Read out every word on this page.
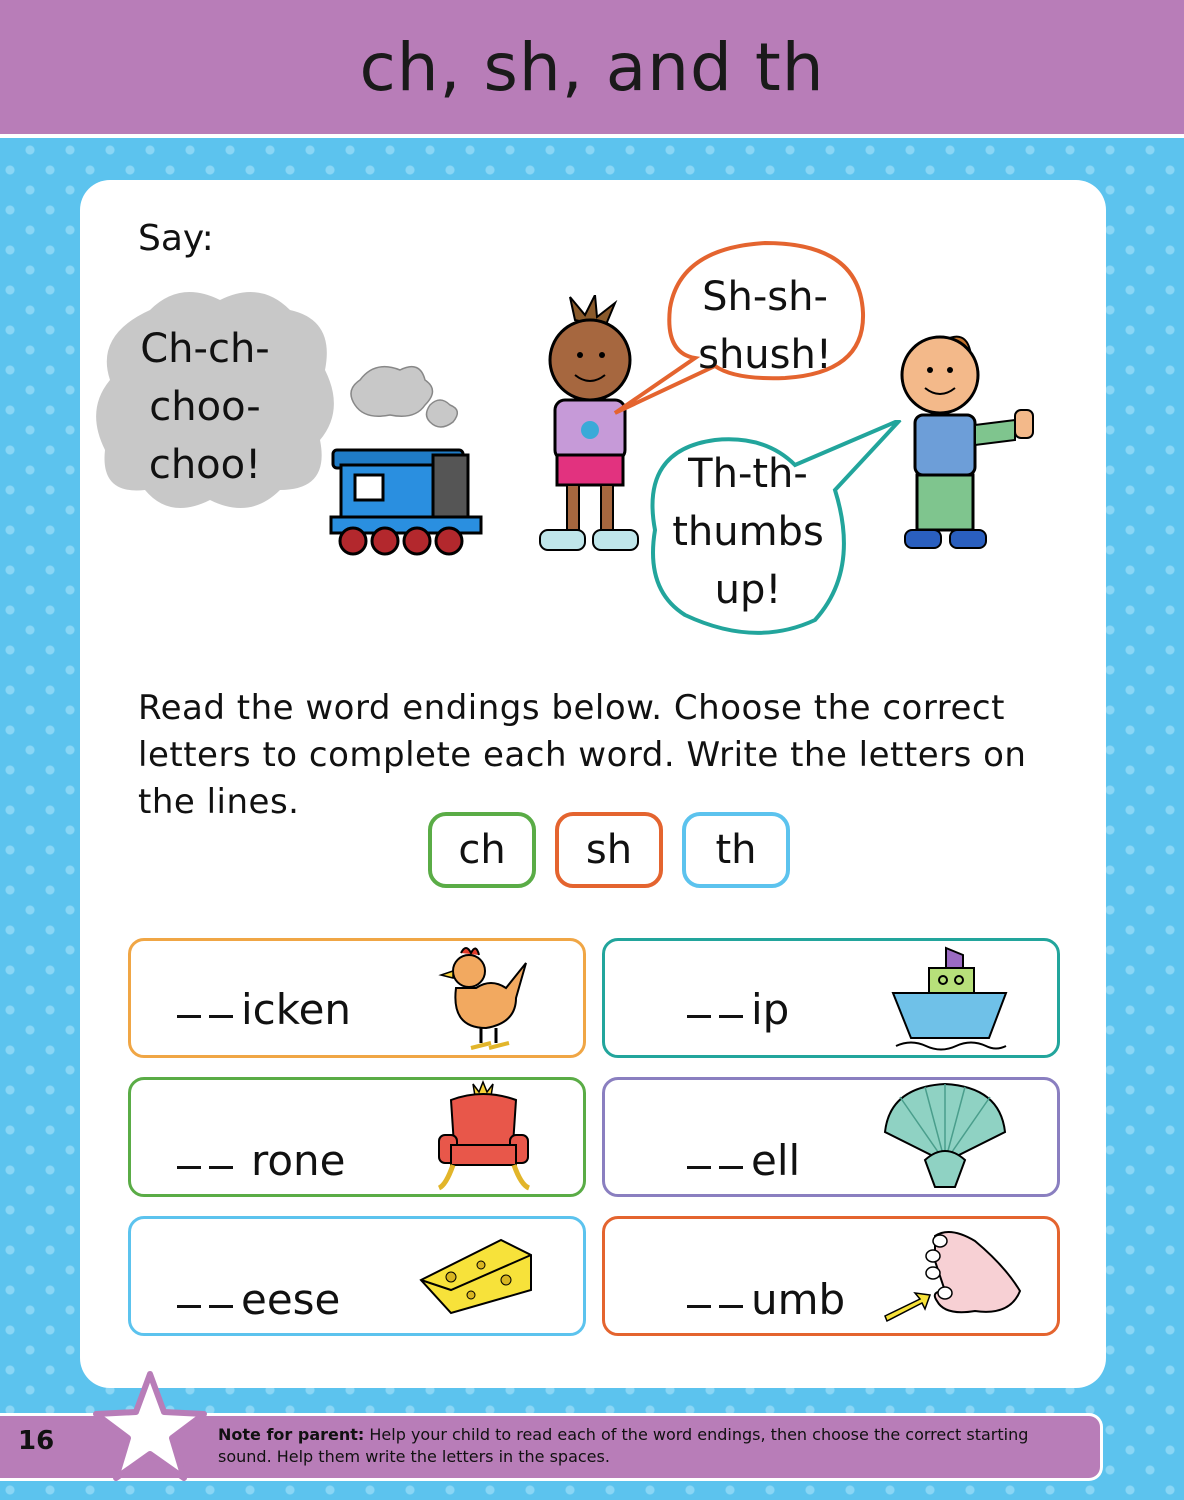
ch, sh, and th
Say:
Ch-ch-
choo-
choo!
Sh-sh-
shush!
Th-th-
thumbs
up!
Read the word endings below. Choose the correct letters to complete each word. Write the letters on the lines.
ch sh th
icken	ip
rone	ell
eese	umb
16	Note for parent: Help your child to read each of the word endings, then choose the correct starting sound. Help them write the letters in the spaces.
